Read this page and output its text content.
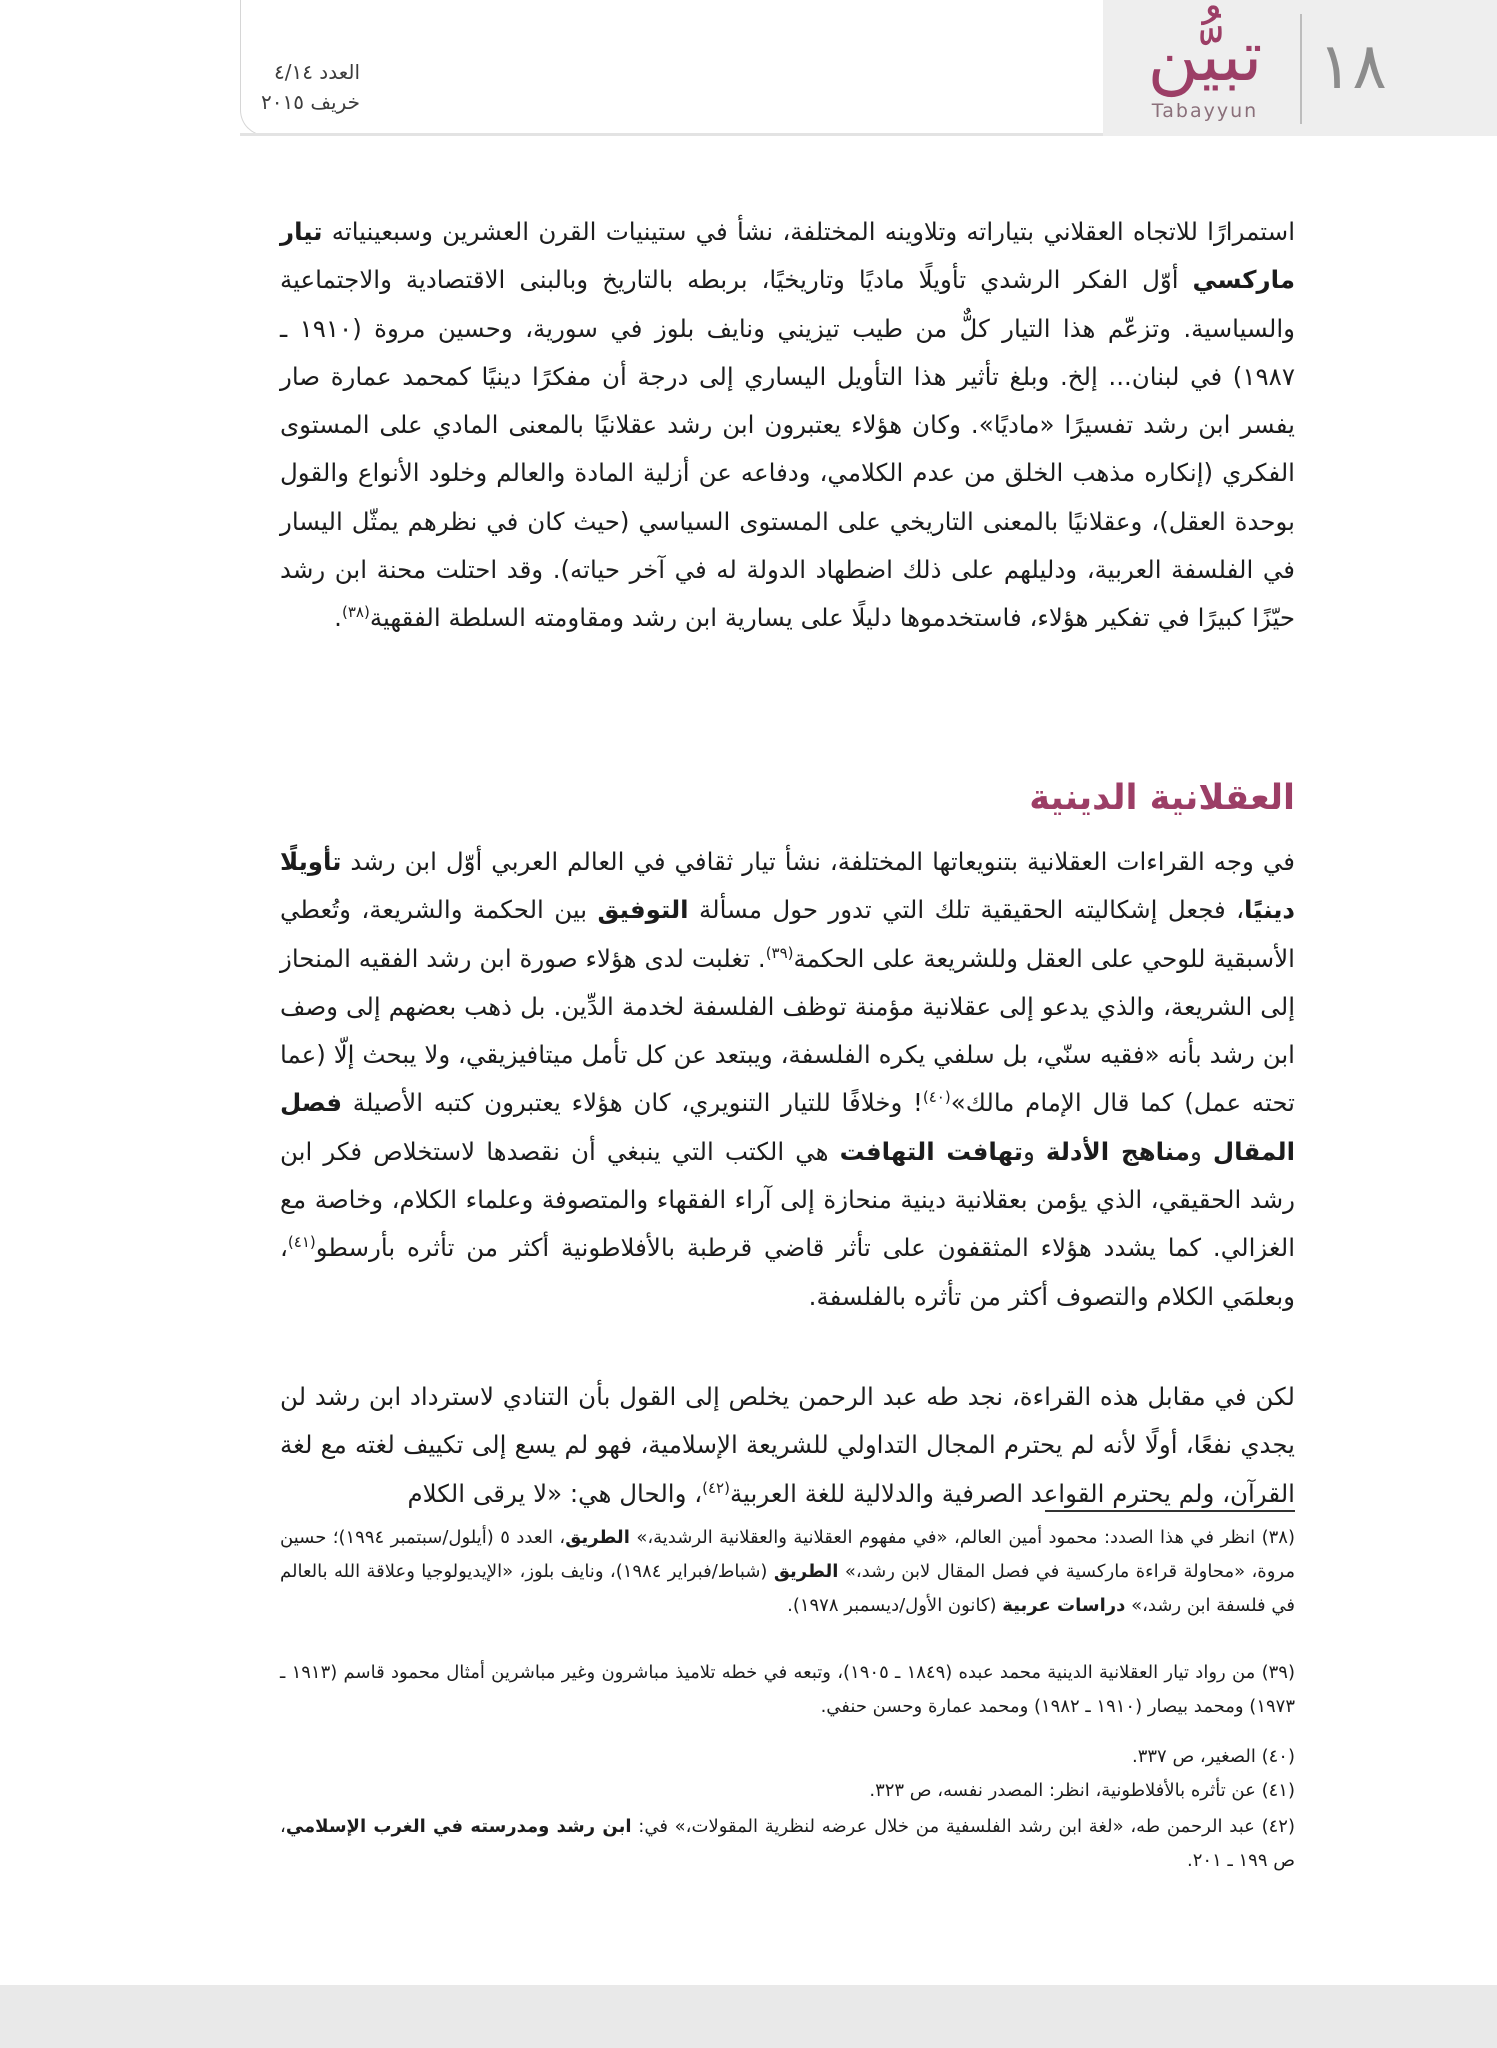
١٨
تبيُّن
Tabayyun
العدد ٤/١٤
خريف ٢٠١٥

استمرارًا للاتجاه العقلاني بتياراته وتلاوينه المختلفة، نشأ في ستينيات القرن العشرين وسبعينياته تيار ماركسي أوّل الفكر الرشدي تأويلًا ماديًا وتاريخيًا، بربطه بالتاريخ وبالبنى الاقتصادية والاجتماعية والسياسية. وتزعّم هذا التيار كلٌّ من طيب تيزيني ونايف بلوز في سورية، وحسين مروة (١٩١٠ ـ ١٩٨٧) في لبنان... إلخ. وبلغ تأثير هذا التأويل اليساري إلى درجة أن مفكرًا دينيًا كمحمد عمارة صار يفسر ابن رشد تفسيرًا «ماديًا». وكان هؤلاء يعتبرون ابن رشد عقلانيًا بالمعنى المادي على المستوى الفكري (إنكاره مذهب الخلق من عدم الكلامي، ودفاعه عن أزلية المادة والعالم وخلود الأنواع والقول بوحدة العقل)، وعقلانيًا بالمعنى التاريخي على المستوى السياسي (حيث كان في نظرهم يمثّل اليسار في الفلسفة العربية، ودليلهم على ذلك اضطهاد الدولة له في آخر حياته). وقد احتلت محنة ابن رشد حيّزًا كبيرًا في تفكير هؤلاء، فاستخدموها دليلًا على يسارية ابن رشد ومقاومته السلطة الفقهية$^{(٣٨)}$.

العقلانية الدينية

في وجه القراءات العقلانية بتنويعاتها المختلفة، نشأ تيار ثقافي في العالم العربي أوّل ابن رشد تأويلًا دينيًا، فجعل إشكاليته الحقيقية تلك التي تدور حول مسألة التوفيق بين الحكمة والشريعة، وتُعطي الأسبقية للوحي على العقل وللشريعة على الحكمة$^{(٣٩)}$. تغلبت لدى هؤلاء صورة ابن رشد الفقيه المنحاز إلى الشريعة، والذي يدعو إلى عقلانية مؤمنة توظف الفلسفة لخدمة الدِّين. بل ذهب بعضهم إلى وصف ابن رشد بأنه «فقيه سنّي، بل سلفي يكره الفلسفة، ويبتعد عن كل تأمل ميتافيزيقي، ولا يبحث إلّا (عما تحته عمل) كما قال الإمام مالك»$^{(٤٠)}$! وخلافًا للتيار التنويري، كان هؤلاء يعتبرون كتبه الأصيلة فصل المقال ومناهج الأدلة وتهافت التهافت هي الكتب التي ينبغي أن نقصدها لاستخلاص فكر ابن رشد الحقيقي، الذي يؤمن بعقلانية دينية منحازة إلى آراء الفقهاء والمتصوفة وعلماء الكلام، وخاصة مع الغزالي. كما يشدد هؤلاء المثقفون على تأثر قاضي قرطبة بالأفلاطونية أكثر من تأثره بأرسطو$^{(٤١)}$، وبعلمَي الكلام والتصوف أكثر من تأثره بالفلسفة.

لكن في مقابل هذه القراءة، نجد طه عبد الرحمن يخلص إلى القول بأن التنادي لاسترداد ابن رشد لن يجدي نفعًا، أولًا لأنه لم يحترم المجال التداولي للشريعة الإسلامية، فهو لم يسع إلى تكييف لغته مع لغة القرآن، ولم يحترم القواعد الصرفية والدلالية للغة العربية$^{(٤٢)}$، والحال هي: «لا يرقى الكلام

(٣٨) انظر في هذا الصدد: محمود أمين العالم، «في مفهوم العقلانية والعقلانية الرشدية،» الطريق، العدد ٥ (أيلول/سبتمبر ١٩٩٤)؛ حسين مروة، «محاولة قراءة ماركسية في فصل المقال لابن رشد،» الطريق (شباط/فبراير ١٩٨٤)، ونايف بلوز، «الإيديولوجيا وعلاقة الله بالعالم في فلسفة ابن رشد،» دراسات عربية (كانون الأول/ديسمبر ١٩٧٨).

(٣٩) من رواد تيار العقلانية الدينية محمد عبده (١٨٤٩ ـ ١٩٠٥)، وتبعه في خطه تلاميذ مباشرون وغير مباشرين أمثال محمود قاسم (١٩١٣ ـ ١٩٧٣) ومحمد بيصار (١٩١٠ ـ ١٩٨٢) ومحمد عمارة وحسن حنفي.

(٤٠) الصغير، ص ٣٣٧.

(٤١) عن تأثره بالأفلاطونية، انظر: المصدر نفسه، ص ٣٢٣.

(٤٢) عبد الرحمن طه، «لغة ابن رشد الفلسفية من خلال عرضه لنظرية المقولات،» في: ابن رشد ومدرسته في الغرب الإسلامي، ص ١٩٩ ـ ٢٠١.
